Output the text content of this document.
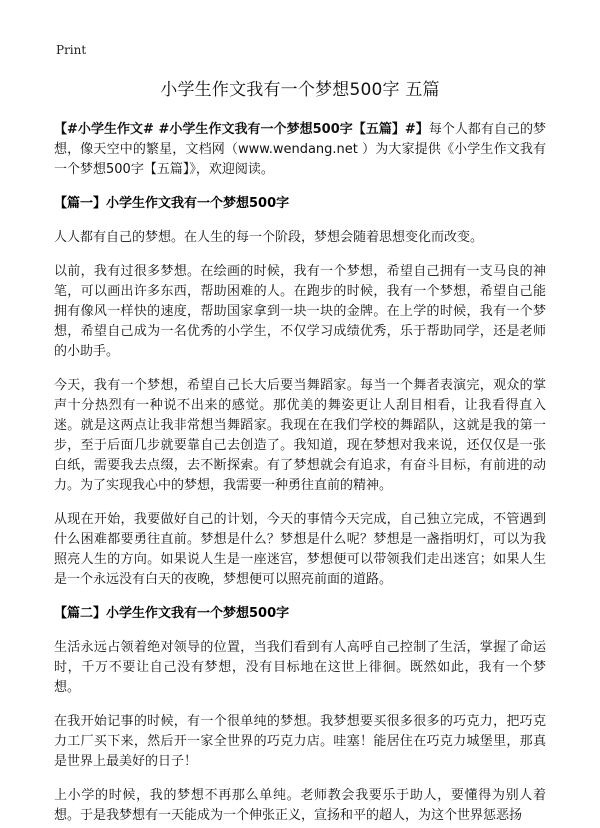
Print
小学生作文我有一个梦想500字 五篇

【#小学生作文# #小学生作文我有一个梦想500字【五篇】#】每个人都有自己的梦想，像天空中的繁星，文档网（www.wendang.net ）为大家提供《小学生作文我有一个梦想500字【五篇】》，欢迎阅读。

【篇一】小学生作文我有一个梦想500字

人人都有自己的梦想。在人生的每一个阶段，梦想会随着思想变化而改变。

以前，我有过很多梦想。在绘画的时候，我有一个梦想，希望自己拥有一支马良的神笔，可以画出许多东西，帮助困难的人。在跑步的时候，我有一个梦想，希望自己能拥有像风一样快的速度，帮助国家拿到一块一块的金牌。在上学的时候，我有一个梦想，希望自己成为一名优秀的小学生，不仅学习成绩优秀，乐于帮助同学，还是老师的小助手。

今天，我有一个梦想，希望自己长大后要当舞蹈家。每当一个舞者表演完，观众的掌声十分热烈有一种说不出来的感觉。那优美的舞姿更让人刮目相看，让我看得直入迷。就是这两点让我非常想当舞蹈家。我现在在我们学校的舞蹈队，这就是我的第一步，至于后面几步就要靠自己去创造了。我知道，现在梦想对我来说，还仅仅是一张白纸，需要我去点缀，去不断探索。有了梦想就会有追求，有奋斗目标，有前进的动力。为了实现我心中的梦想，我需要一种勇往直前的精神。

从现在开始，我要做好自己的计划，今天的事情今天完成，自己独立完成，不管遇到什么困难都要勇往直前。梦想是什么？梦想是什么呢？梦想是一盏指明灯，可以为我照亮人生的方向。如果说人生是一座迷宫，梦想便可以带领我们走出迷宫；如果人生是一个永远没有白天的夜晚，梦想便可以照亮前面的道路。

【篇二】小学生作文我有一个梦想500字

生活永远占领着绝对领导的位置，当我们看到有人高呼自己控制了生活，掌握了命运时，千万不要让自己没有梦想，没有目标地在这世上徘徊。既然如此，我有一个梦想。

在我开始记事的时候，有一个很单纯的梦想。我梦想要买很多很多的巧克力，把巧克力工厂买下来，然后开一家全世界的巧克力店。哇塞！能居住在巧克力城堡里，那真是世界上最美好的日子！

上小学的时候，我的梦想不再那么单纯。老师教会我要乐于助人，要懂得为别人着想。于是我梦想有一天能成为一个伸张正义，宣扬和平的超人，为这个世界惩恶扬
